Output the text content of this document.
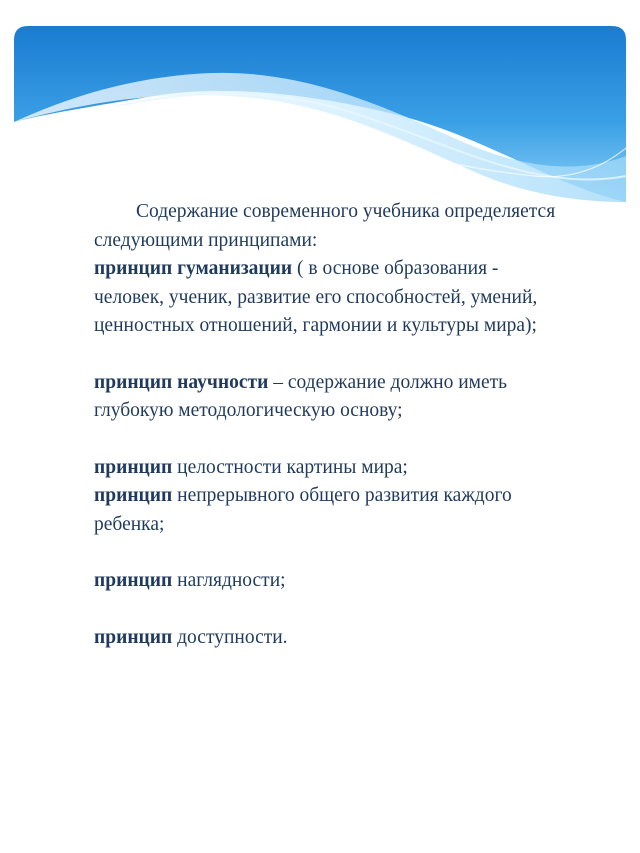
Содержание современного учебника определяется следующими принципами:

принцип гуманизации ( в основе образования - человек, ученик, развитие его способностей, умений, ценностных отношений, гармонии и культуры мира);

принцип научности – содержание должно иметь глубокую методологическую основу;

принцип целостности картины мира;

принцип непрерывного общего развития каждого ребенка;

принцип наглядности;

принцип доступности.
